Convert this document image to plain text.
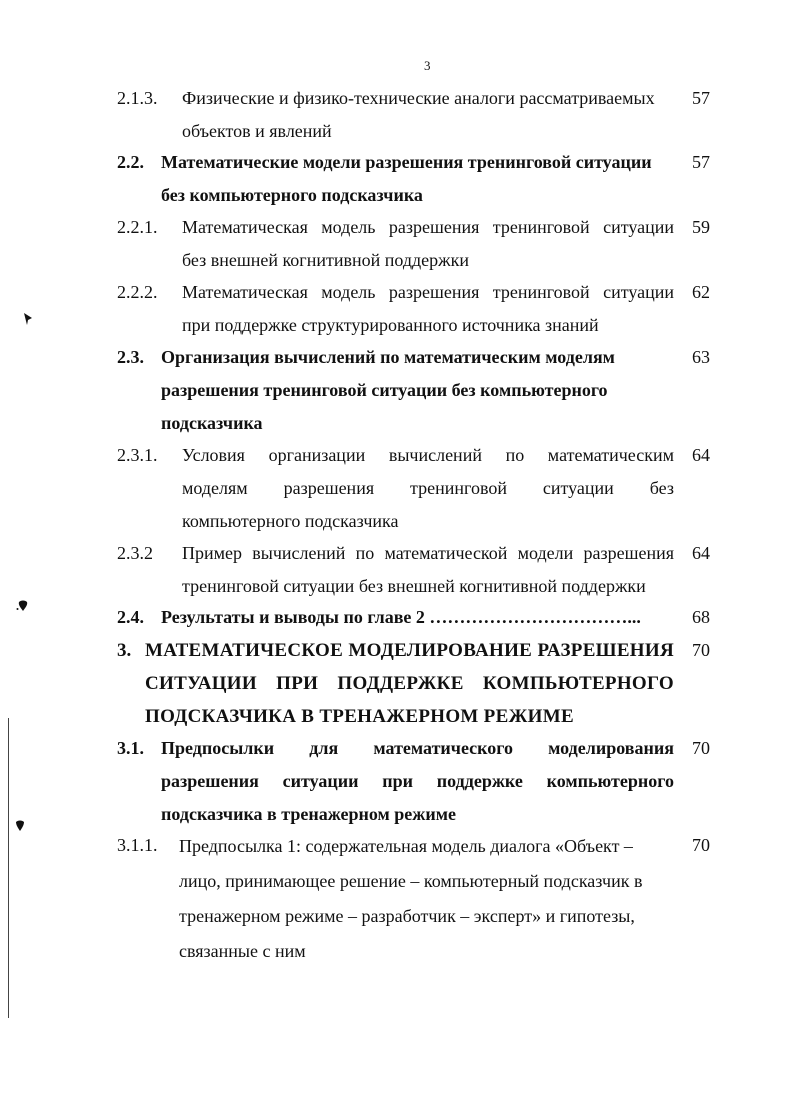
3
2.1.3. Физические и физико-технические аналоги рассматриваемых
объектов и явлений
57
2.2. Математические модели разрешения тренинговой ситуации
без компьютерного подсказчика
57
2.2.1. Математическая модель разрешения тренинговой ситуации
без внешней когнитивной поддержки
59
2.2.2. Математическая модель разрешения тренинговой ситуации
при поддержке структурированного источника знаний
62
2.3. Организация вычислений по математическим моделям
разрешения тренинговой ситуации без компьютерного
подсказчика
63
2.3.1. Условия организации вычислений по математическим
моделям разрешения тренинговой ситуации без
компьютерного подсказчика
64
2.3.2 Пример вычислений по математической модели разрешения
тренинговой ситуации без внешней когнитивной поддержки
64
2.4. Результаты и выводы по главе 2 ……………………………...	68
3. МАТЕМАТИЧЕСКОЕ МОДЕЛИРОВАНИЕ РАЗРЕШЕНИЯ
СИТУАЦИИ ПРИ ПОДДЕРЖКЕ КОМПЬЮТЕРНОГО
ПОДСКАЗЧИКА В ТРЕНАЖЕРНОМ РЕЖИМЕ
70
3.1. Предпосылки для математического моделирования
разрешения ситуации при поддержке компьютерного
подсказчика в тренажерном режиме
70
3.1.1. Предпосылка 1: содержательная модель диалога «Объект –
лицо, принимающее решение – компьютерный подсказчик в
тренажерном режиме – разработчик – эксперт» и гипотезы,
связанные с ним
70
